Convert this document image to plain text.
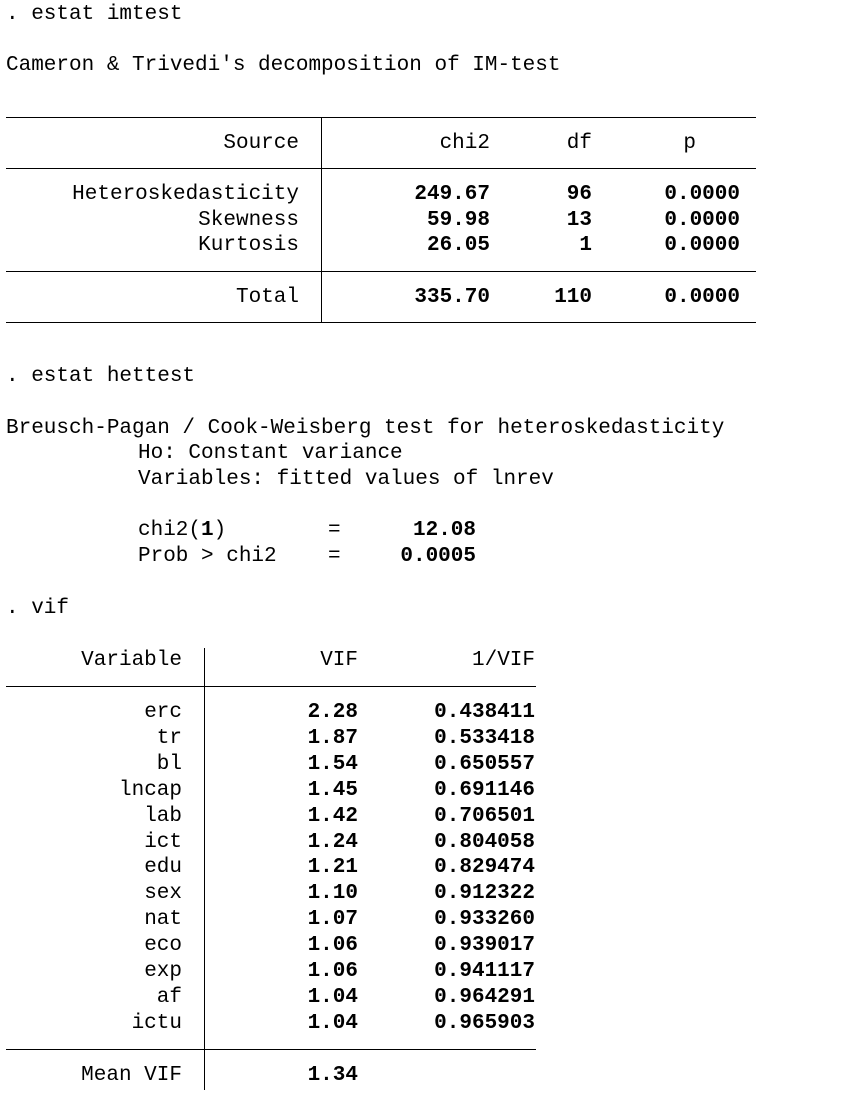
. estat imtest
Cameron & Trivedi's decomposition of IM-test
Source	chi2	df	p
Heteroskedasticity	249.67	96	0.0000
Skewness	59.98	13	0.0000
Kurtosis	26.05	1	0.0000
Total	335.70	110	0.0000
. estat hettest
Breusch-Pagan / Cook-Weisberg test for heteroskedasticity
Ho: Constant variance
Variables: fitted values of lnrev
chi2(1)	=	12.08
Prob > chi2 =	0.0005
. vif
Variable	VIF	1/VIF
erc	2.28	0.438411
tr	1.87	0.533418
bl	1.54	0.650557
lncap	1.45	0.691146
lab	1.42	0.706501
ict	1.24	0.804058
edu	1.21	0.829474
sex	1.10	0.912322
nat	1.07	0.933260
eco	1.06	0.939017
exp	1.06	0.941117
af	1.04	0.964291
ictu	1.04	0.965903
Mean VIF	1.34
